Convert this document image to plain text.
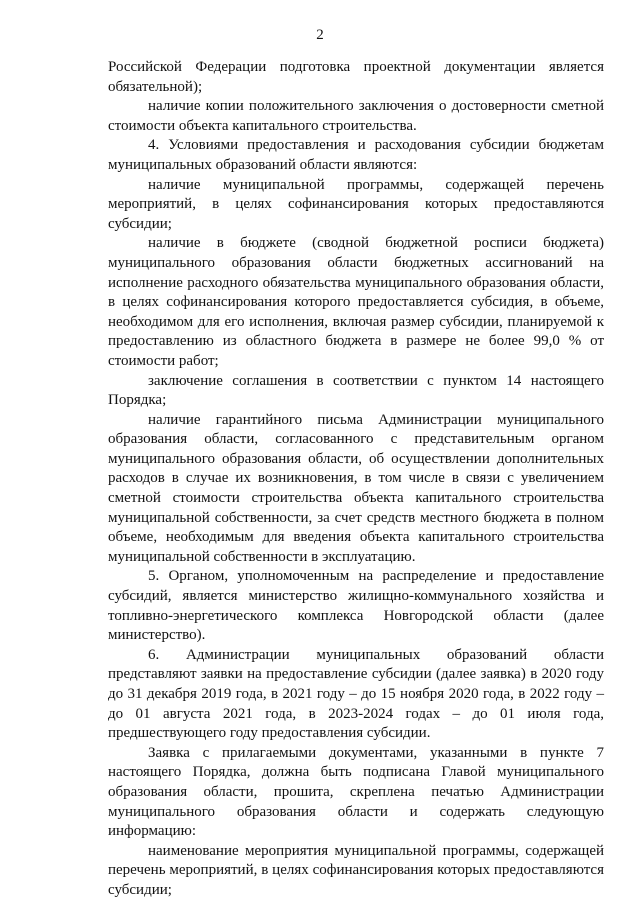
2

Российской Федерации подготовка проектной документации является обязательной);

наличие копии положительного заключения о достоверности сметной стоимости объекта капитального строительства.

4. Условиями предоставления и расходования субсидии бюджетам муниципальных образований области являются:

наличие муниципальной программы, содержащей перечень мероприятий, в целях софинансирования которых предоставляются субсидии;

наличие в бюджете (сводной бюджетной росписи бюджета) муниципального образования области бюджетных ассигнований на исполнение расходного обязательства муниципального образования области, в целях софинансирования которого предоставляется субсидия, в объеме, необходимом для его исполнения, включая размер субсидии, планируемой к предоставлению из областного бюджета в размере не более 99,0 % от стоимости работ;

заключение соглашения в соответствии с пунктом 14 настоящего Порядка;

наличие гарантийного письма Администрации муниципального образования области, согласованного с представительным органом муниципального образования области, об осуществлении дополнительных расходов в случае их возникновения, в том числе в связи с увеличением сметной стоимости строительства объекта капитального строительства муниципальной собственности, за счет средств местного бюджета в полном объеме, необходимым для введения объекта капитального строительства муниципальной собственности в эксплуатацию.

5. Органом, уполномоченным на распределение и предоставление субсидий, является министерство жилищно-коммунального хозяйства и топливно-энергетического комплекса Новгородской области (далее министерство).

6. Администрации муниципальных образований области представляют заявки на предоставление субсидии (далее заявка) в 2020 году до 31 декабря 2019 года, в 2021 году – до 15 ноября 2020 года, в 2022 году – до 01 августа 2021 года, в 2023-2024 годах – до 01 июля года, предшествующего году предоставления субсидии.

Заявка с прилагаемыми документами, указанными в пункте 7 настоящего Порядка, должна быть подписана Главой муниципального образования области, прошита, скреплена печатью Администрации муниципального образования области и содержать следующую информацию:

наименование мероприятия муниципальной программы, содержащей перечень мероприятий, в целях софинансирования которых предоставляются субсидии;
